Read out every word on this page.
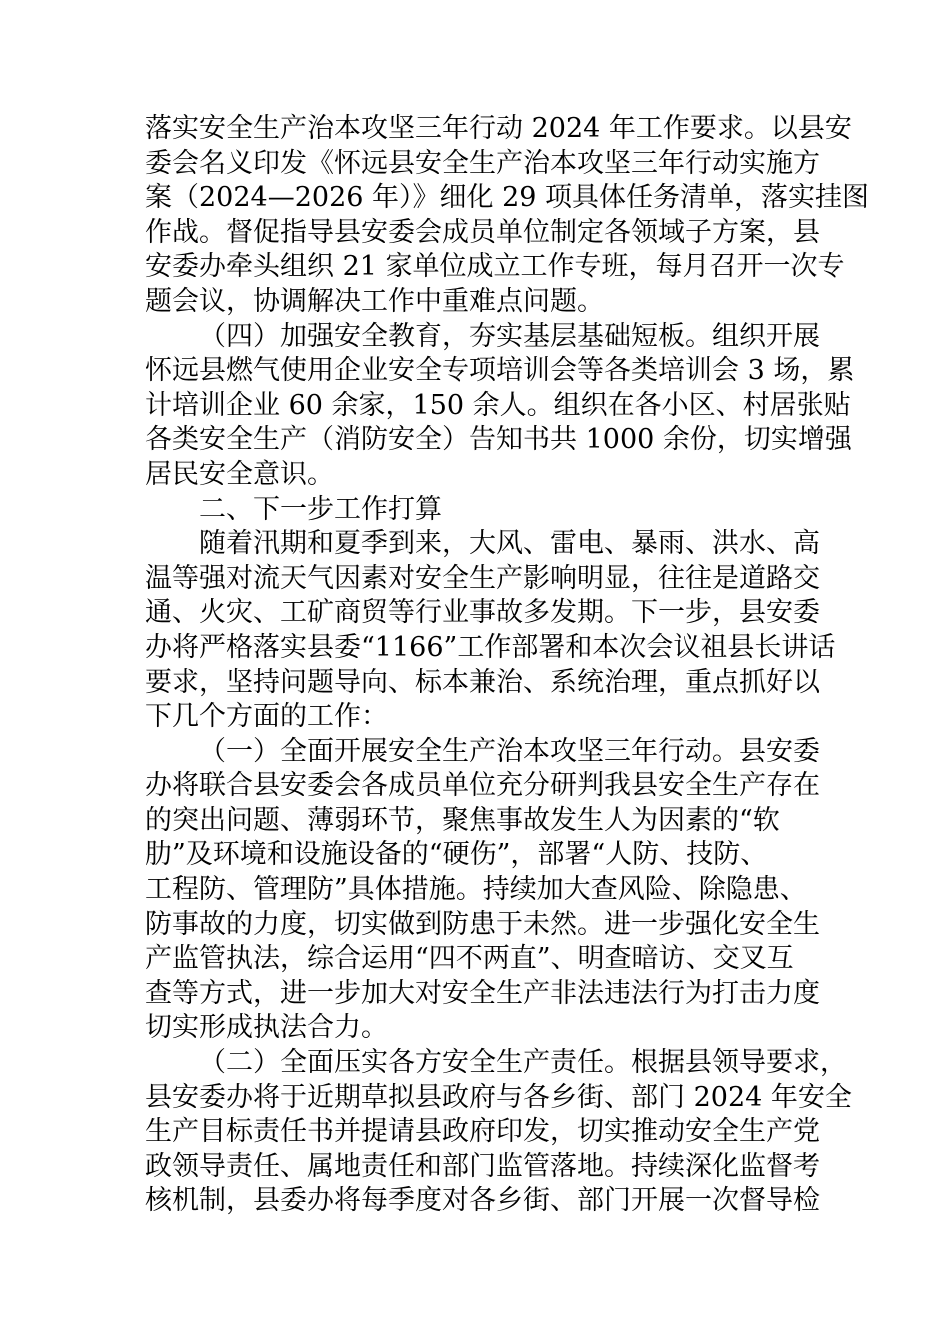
落实安全生产治本攻坚三年行动 2024 年工作要求。以县安
委会名义印发《怀远县安全生产治本攻坚三年行动实施方
案（2024—2026 年）》细化 29 项具体任务清单，落实挂图
作战。督促指导县安委会成员单位制定各领域子方案，县
安委办牵头组织 21 家单位成立工作专班，每月召开一次专
题会议，协调解决工作中重难点问题。
（四）加强安全教育，夯实基层基础短板。组织开展
怀远县燃气使用企业安全专项培训会等各类培训会 3 场，累
计培训企业 60 余家，150 余人。组织在各小区、村居张贴
各类安全生产（消防安全）告知书共 1000 余份，切实增强
居民安全意识。
二、下一步工作打算
随着汛期和夏季到来，大风、雷电、暴雨、洪水、高
温等强对流天气因素对安全生产影响明显，往往是道路交
通、火灾、工矿商贸等行业事故多发期。下一步，县安委
办将严格落实县委“1166”工作部署和本次会议祖县长讲话
要求，坚持问题导向、标本兼治、系统治理，重点抓好以
下几个方面的工作：
（一）全面开展安全生产治本攻坚三年行动。县安委
办将联合县安委会各成员单位充分研判我县安全生产存在
的突出问题、薄弱环节，聚焦事故发生人为因素的“软
肋”及环境和设施设备的“硬伤”，部署“人防、技防、
工程防、管理防”具体措施。持续加大查风险、除隐患、
防事故的力度，切实做到防患于未然。进一步强化安全生
产监管执法，综合运用“四不两直”、明查暗访、交叉互
查等方式，进一步加大对安全生产非法违法行为打击力度
切实形成执法合力。
（二）全面压实各方安全生产责任。根据县领导要求，
县安委办将于近期草拟县政府与各乡街、部门 2024 年安全
生产目标责任书并提请县政府印发，切实推动安全生产党
政领导责任、属地责任和部门监管落地。持续深化监督考
核机制，县委办将每季度对各乡街、部门开展一次督导检
